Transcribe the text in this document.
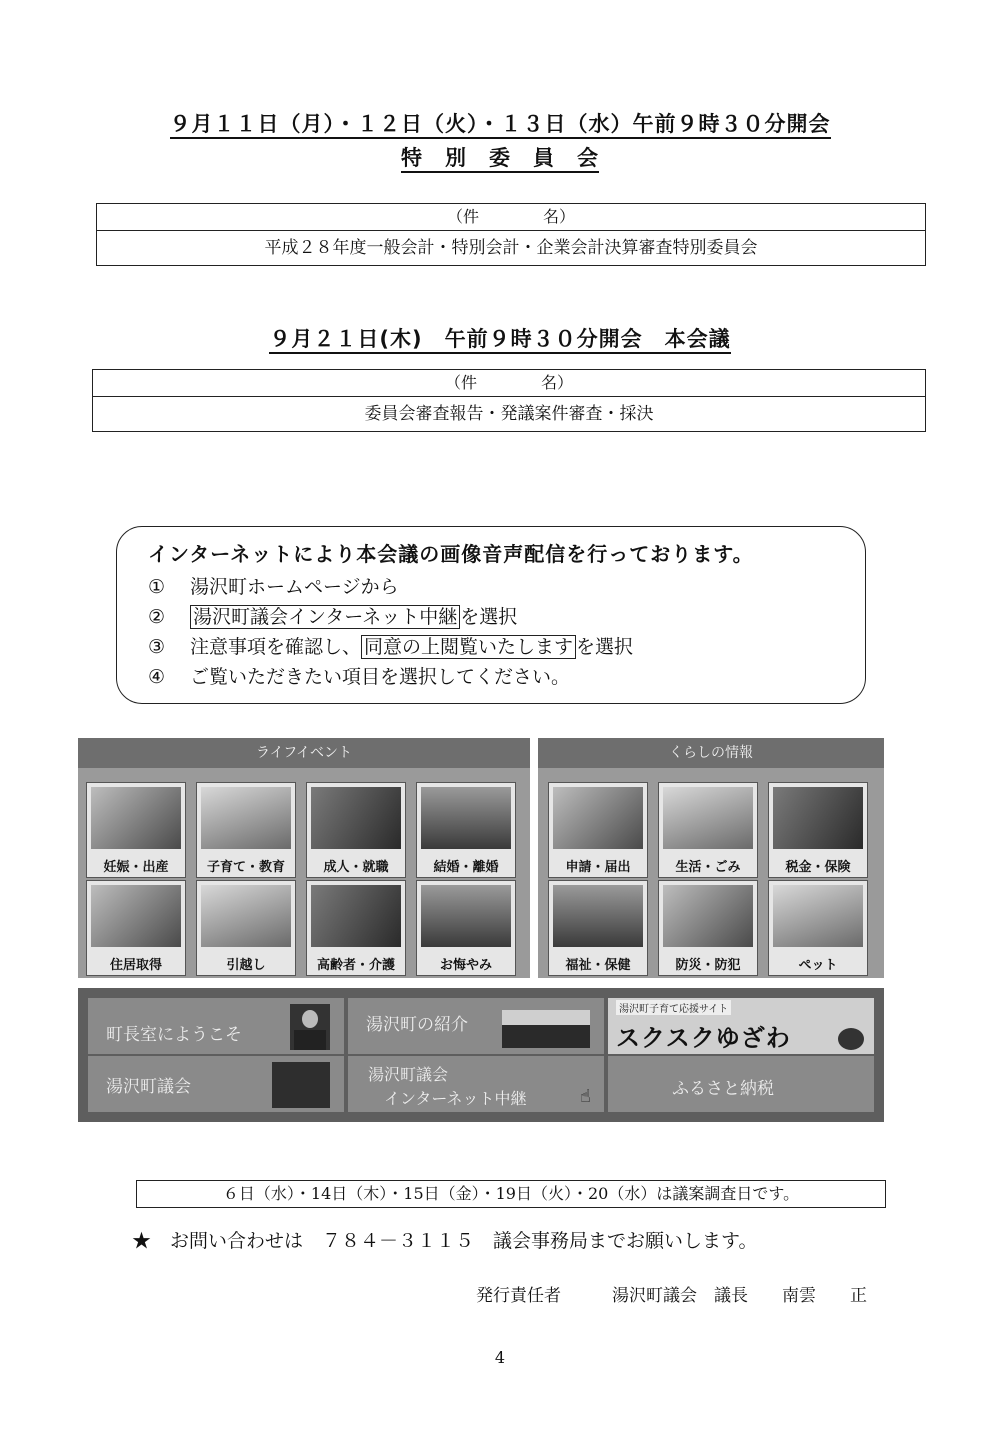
９月１１日（月）・１２日（火）・１３日（水）午前９時３０分開会
特　別　委　員　会
（件　　　　名）
平成２８年度一般会計・特別会計・企業会計決算審査特別委員会
９月２１日(木)　午前９時３０分開会　本会議
（件　　　　名）
委員会審査報告・発議案件審査・採決
インターネットにより本会議の画像音声配信を行っております。
① 湯沢町ホームページから
② 湯沢町議会インターネット中継 を選択
③ 注意事項を確認し、 同意の上閲覧いたします を選択
④ ご覧いただきたい項目を選択してください。
ライフイベント
妊娠・出産	子育て・教育	成人・就職	結婚・離婚
住居取得	引越し	高齢者・介護	お悔やみ
くらしの情報
申請・届出	生活・ごみ	税金・保険
福祉・保健	防災・防犯	ペット
町長室にようこそ	湯沢町の紹介
湯沢町子育て応援サイト
スクスクゆざわ
湯沢町議会
湯沢町議会
インターネット中継	☝	ふるさと納税
６日（水）・14日（木）・15日（金）・19日（火）・20（水）は議案調査日です。
★　お問い合わせは　７８４－３１１５　議会事務局までお願いします。
発行責任者　　　湯沢町議会　議長　　南雲　　正
4
